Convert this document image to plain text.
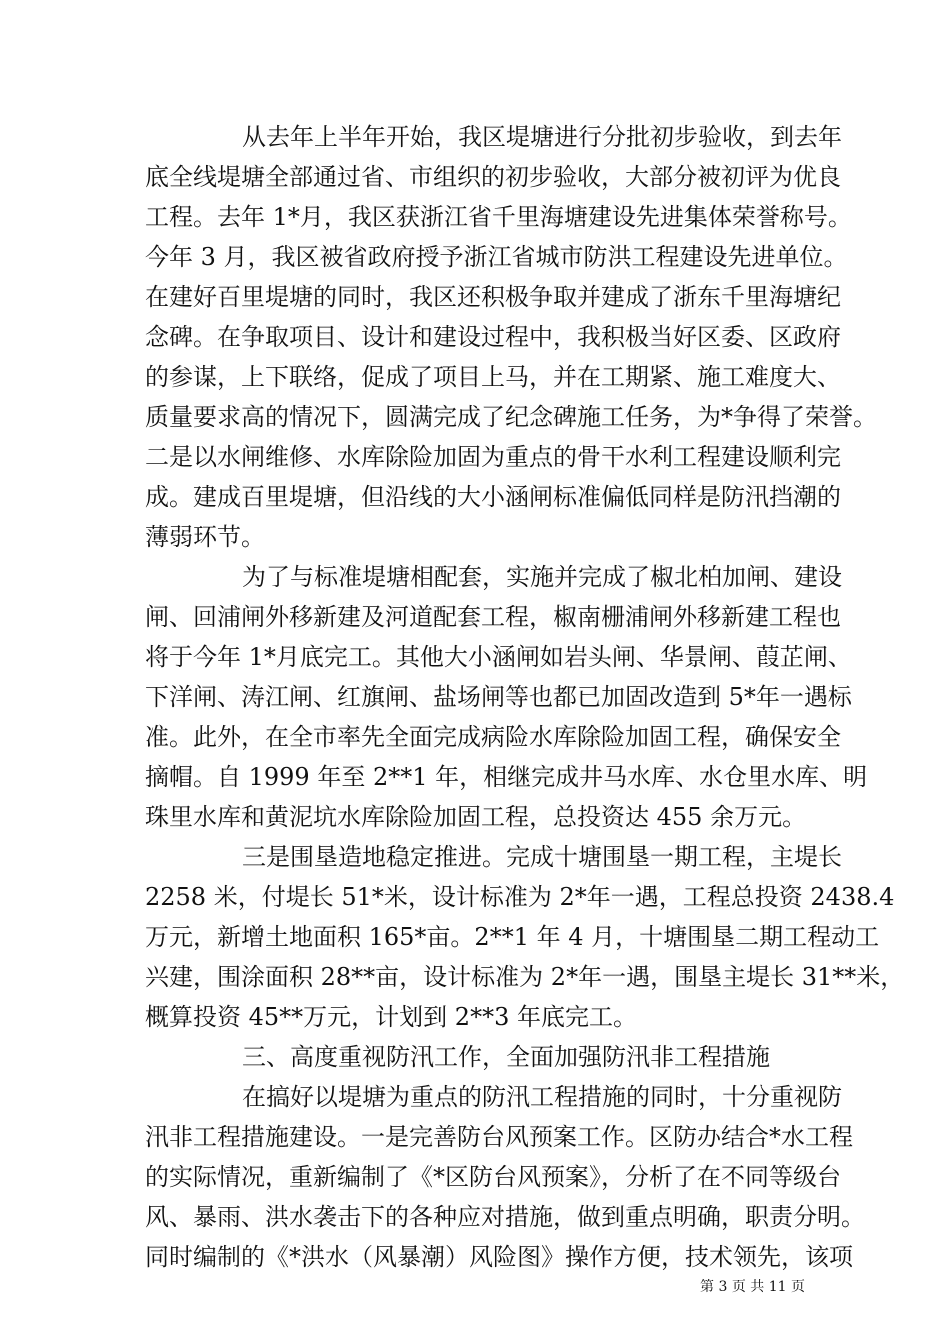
从去年上半年开始，我区堤塘进行分批初步验收，到去年
底全线堤塘全部通过省、市组织的初步验收，大部分被初评为优良
工程。去年 1*月，我区获浙江省千里海塘建设先进集体荣誉称号。
今年 3 月，我区被省政府授予浙江省城市防洪工程建设先进单位。
在建好百里堤塘的同时，我区还积极争取并建成了浙东千里海塘纪
念碑。在争取项目、设计和建设过程中，我积极当好区委、区政府
的参谋，上下联络，促成了项目上马，并在工期紧、施工难度大、
质量要求高的情况下，圆满完成了纪念碑施工任务，为*争得了荣誉。
二是以水闸维修、水库除险加固为重点的骨干水利工程建设顺利完
成。建成百里堤塘，但沿线的大小涵闸标准偏低同样是防汛挡潮的
薄弱环节。
为了与标准堤塘相配套，实施并完成了椒北柏加闸、建设
闸、回浦闸外移新建及河道配套工程，椒南栅浦闸外移新建工程也
将于今年 1*月底完工。其他大小涵闸如岩头闸、华景闸、葭芷闸、
下洋闸、涛江闸、红旗闸、盐场闸等也都已加固改造到 5*年一遇标
准。此外，在全市率先全面完成病险水库除险加固工程，确保安全
摘帽。自 1999 年至 2**1 年，相继完成井马水库、水仓里水库、明
珠里水库和黄泥坑水库除险加固工程，总投资达 455 余万元。
三是围垦造地稳定推进。完成十塘围垦一期工程，主堤长
2258 米，付堤长 51*米，设计标准为 2*年一遇，工程总投资 2438.4
万元，新增土地面积 165*亩。2**1 年 4 月，十塘围垦二期工程动工
兴建，围涂面积 28**亩，设计标准为 2*年一遇，围垦主堤长 31**米，
概算投资 45**万元，计划到 2**3 年底完工。
三、高度重视防汛工作，全面加强防汛非工程措施
在搞好以堤塘为重点的防汛工程措施的同时，十分重视防
汛非工程措施建设。一是完善防台风预案工作。区防办结合*水工程
的实际情况，重新编制了《*区防台风预案》，分析了在不同等级台
风、暴雨、洪水袭击下的各种应对措施，做到重点明确，职责分明。
同时编制的《*洪水（风暴潮）风险图》操作方便，技术领先，该项
第 3 页 共 11 页
